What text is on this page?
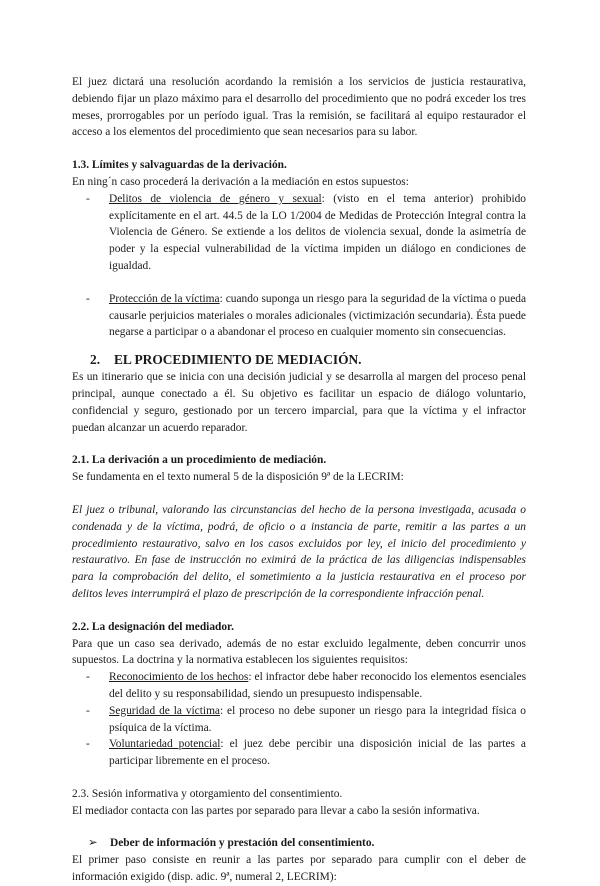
El juez dictará una resolución acordando la remisión a los servicios de justicia restaurativa, debiendo fijar un plazo máximo para el desarrollo del procedimiento que no podrá exceder los tres meses, prorrogables por un período igual. Tras la remisión, se facilitará al equipo restaurador el acceso a los elementos del procedimiento que sean necesarios para su labor.

1.3. Límites y salvaguardas de la derivación.

En ning´n caso procederá la derivación a la mediación en estos supuestos:

- Delitos de violencia de género y sexual: (visto en el tema anterior) prohibido explícitamente en el art. 44.5 de la LO 1/2004 de Medidas de Protección Integral contra la Violencia de Género. Se extiende a los delitos de violencia sexual, donde la asimetría de poder y la especial vulnerabilidad de la víctima impiden un diálogo en condiciones de igualdad.
- Protección de la víctima: cuando suponga un riesgo para la seguridad de la víctima o pueda causarle perjuicios materiales o morales adicionales (victimización secundaria). Ésta puede negarse a participar o a abandonar el proceso en cualquier momento sin consecuencias.
2.	EL PROCEDIMIENTO DE MEDIACIÓN.

Es un itinerario que se inicia con una decisión judicial y se desarrolla al margen del proceso penal principal, aunque conectado a él. Su objetivo es facilitar un espacio de diálogo voluntario, confidencial y seguro, gestionado por un tercero imparcial, para que la víctima y el infractor puedan alcanzar un acuerdo reparador.

2.1. La derivación a un procedimiento de mediación.

Se fundamenta en el texto numeral 5 de la disposición 9ª de la LECRIM:

El juez o tribunal, valorando las circunstancias del hecho de la persona investigada, acusada o condenada y de la víctima, podrá, de oficio o a instancia de parte, remitir a las partes a un procedimiento restaurativo, salvo en los casos excluidos por ley, el inicio del procedimiento y restaurativo. En fase de instrucción no eximirá de la práctica de las diligencias indispensables para la comprobación del delito, el sometimiento a la justicia restaurativa en el proceso por delitos leves interrumpirá el plazo de prescripción de la correspondiente infracción penal.

2.2. La designación del mediador.

Para que un caso sea derivado, además de no estar excluido legalmente, deben concurrir unos supuestos. La doctrina y la normativa establecen los siguientes requisitos:

- Reconocimiento de los hechos: el infractor debe haber reconocido los elementos esenciales del delito y su responsabilidad, siendo un presupuesto indispensable.
- Seguridad de la víctima: el proceso no debe suponer un riesgo para la integridad física o psíquica de la víctima.
- Voluntariedad potencial: el juez debe percibir una disposición inicial de las partes a participar libremente en el proceso.

2.3. Sesión informativa y otorgamiento del consentimiento.

El mediador contacta con las partes por separado para llevar a cabo la sesión informativa.

➢	Deber de información y prestación del consentimiento.

El primer paso consiste en reunir a las partes por separado para cumplir con el deber de información exigido (disp. adic. 9ª, numeral 2, LECRIM):
